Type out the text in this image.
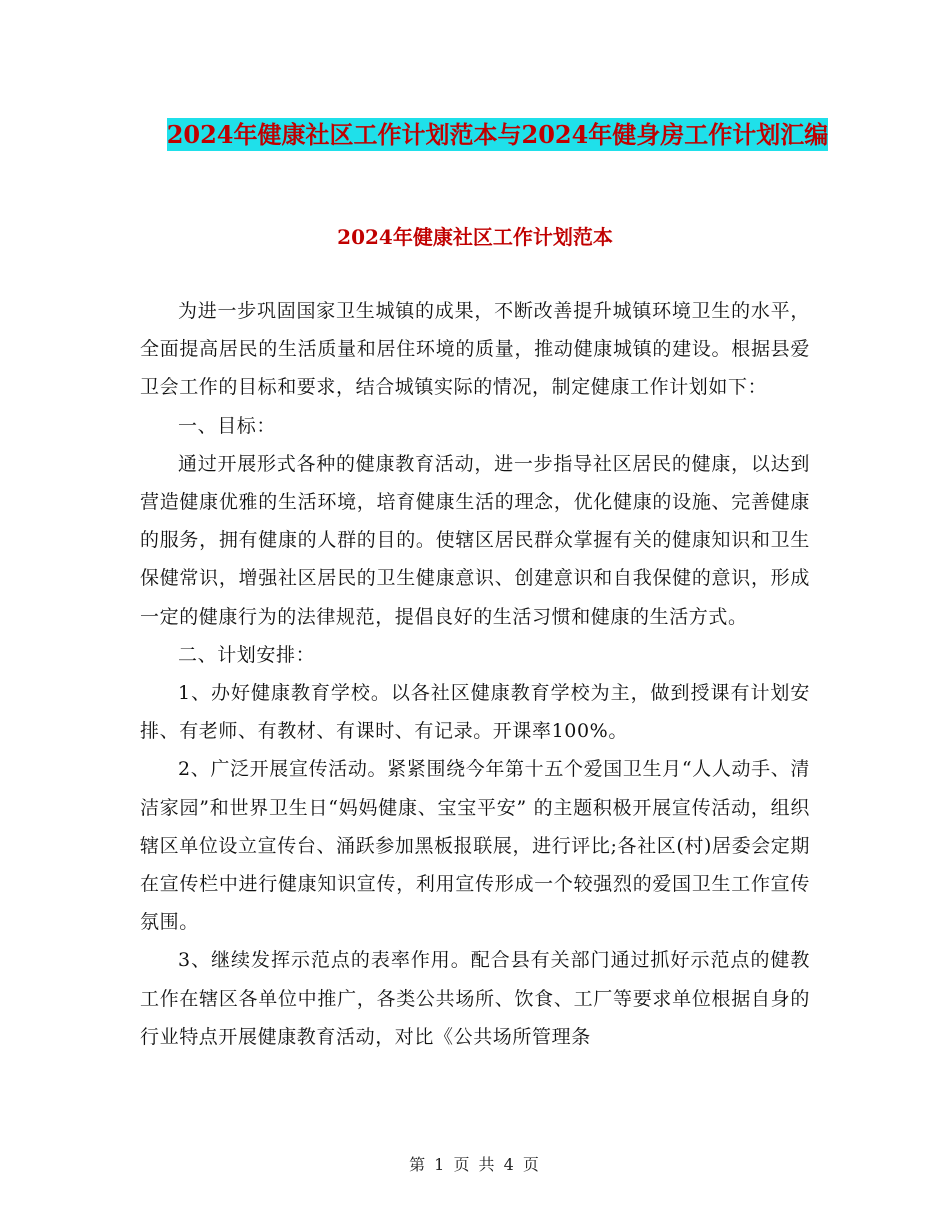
2024年健康社区工作计划范本与2024年健身房工作计划汇编
2024年健康社区工作计划范本

为进一步巩固国家卫生城镇的成果，不断改善提升城镇环境卫生的水平，全面提高居民的生活质量和居住环境的质量，推动健康城镇的建设。根据县爱卫会工作的目标和要求，结合城镇实际的情况，制定健康工作计划如下：

一、目标：

通过开展形式各种的健康教育活动，进一步指导社区居民的健康，以达到营造健康优雅的生活环境，培育健康生活的理念，优化健康的设施、完善健康的服务，拥有健康的人群的目的。使辖区居民群众掌握有关的健康知识和卫生保健常识，增强社区居民的卫生健康意识、创建意识和自我保健的意识，形成一定的健康行为的法律规范，提倡良好的生活习惯和健康的生活方式。

二、计划安排：

1、办好健康教育学校。以各社区健康教育学校为主，做到授课有计划安排、有老师、有教材、有课时、有记录。开课率100%。

2、广泛开展宣传活动。紧紧围绕今年第十五个爱国卫生月“人人动手、清洁家园”和世界卫生日“妈妈健康、宝宝平安” 的主题积极开展宣传活动，组织辖区单位设立宣传台、涌跃参加黑板报联展，进行评比;各社区(村)居委会定期在宣传栏中进行健康知识宣传，利用宣传形成一个较强烈的爱国卫生工作宣传氛围。

3、继续发挥示范点的表率作用。配合县有关部门通过抓好示范点的健教工作在辖区各单位中推广，各类公共场所、饮食、工厂等要求单位根据自身的行业特点开展健康教育活动，对比《公共场所管理条

第 1 页 共 4 页
